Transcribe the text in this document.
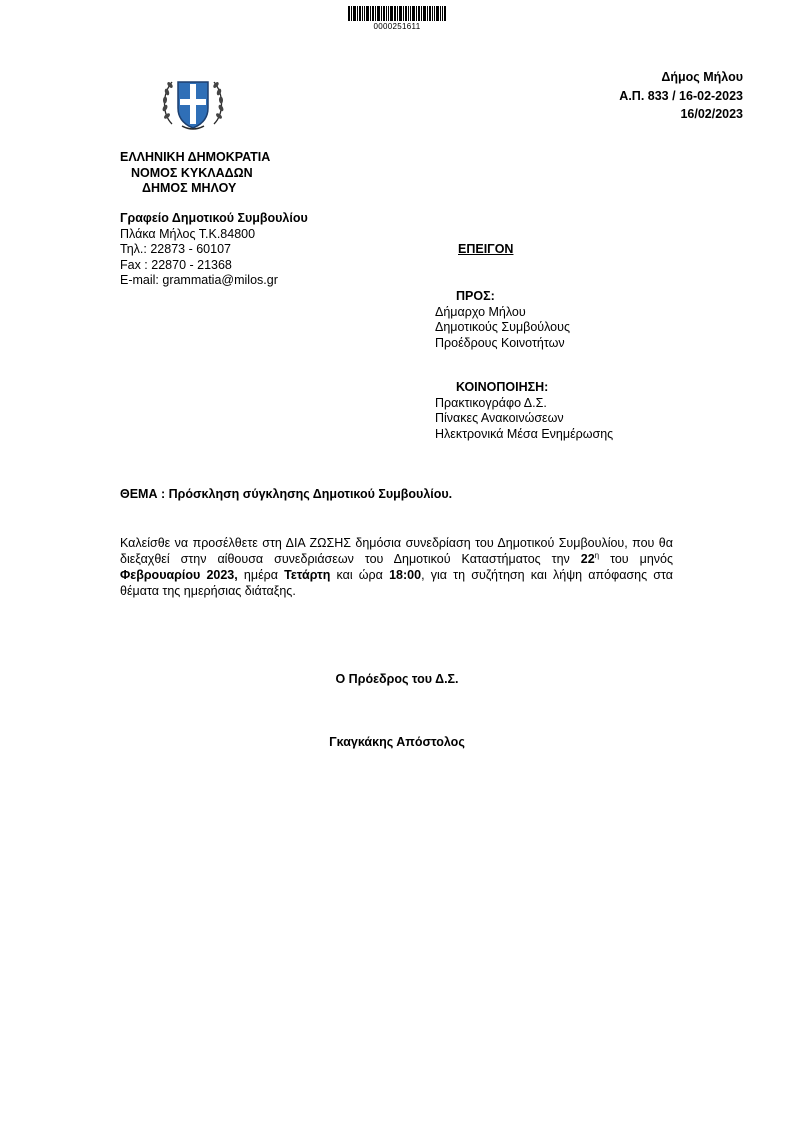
0000251611
Δήμος Μήλου
Α.Π. 833 / 16-02-2023
16/02/2023
ΕΛΛΗΝΙΚΗ ΔΗΜΟΚΡΑΤΙΑ
ΝΟΜΟΣ ΚΥΚΛΑΔΩΝ
ΔΗΜΟΣ ΜΗΛΟΥ
Γραφείο Δημοτικού Συμβουλίου
Πλάκα Μήλος Τ.Κ.84800
Τηλ.: 22873 - 60107
Fax : 22870 - 21368
E-mail: grammatia@milos.gr
ΕΠΕΙΓΟΝ
ΠΡΟΣ:
Δήμαρχο Μήλου
Δημοτικούς Συμβούλους
Προέδρους Κοινοτήτων
ΚΟΙΝΟΠΟΙΗΣΗ:
Πρακτικογράφο Δ.Σ.
Πίνακες Ανακοινώσεων
Ηλεκτρονικά Μέσα Ενημέρωσης
ΘΕΜΑ : Πρόσκληση σύγκλησης Δημοτικού Συμβουλίου.
Καλείσθε να προσέλθετε στη ΔΙΑ ΖΩΣΗΣ δημόσια συνεδρίαση του Δημοτικού Συμβουλίου, που θα διεξαχθεί στην αίθουσα συνεδριάσεων του Δημοτικού Καταστήματος την $22^\eta$ του μηνός Φεβρουαρίου 2023, ημέρα Τετάρτη και ώρα 18:00, για τη συζήτηση και λήψη απόφασης στα θέματα της ημερήσιας διάταξης.
Ο Πρόεδρος του Δ.Σ.
Γκαγκάκης Απόστολος
